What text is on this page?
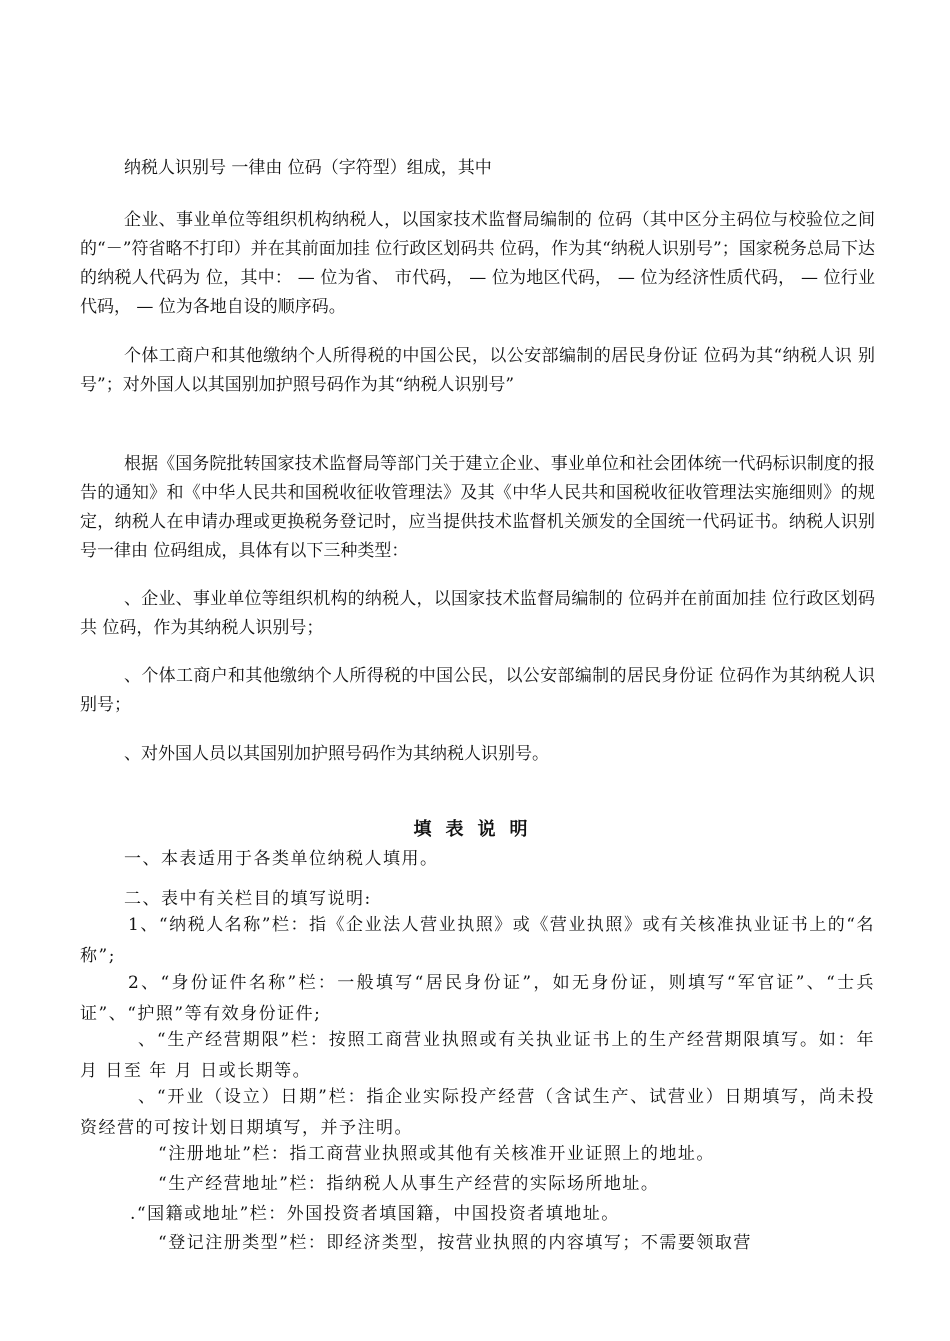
纳税人识别号 一律由 位码（字符型）组成，其中

企业、事业单位等组织机构纳税人，以国家技术监督局编制的 位码（其中区分主码位与校验位之间 的“－”符省略不打印）并在其前面加挂 位行政区划码共 位码，作为其“纳税人识别号”；国家税务总局下达的纳税人代码为 位，其中： — 位为省、 市代码， — 位为地区代码， — 位为经济性质代码， — 位行业代码， — 位为各地自设的顺序码。

个体工商户和其他缴纳个人所得税的中国公民，以公安部编制的居民身份证 位码为其“纳税人识 别号”；对外国人以其国别加护照号码作为其“纳税人识别号”

根据《国务院批转国家技术监督局等部门关于建立企业、事业单位和社会团体统一代码标识制度的报告的通知》和《中华人民共和国税收征收管理法》及其《中华人民共和国税收征收管理法实施细则》的规定，纳税人在申请办理或更换税务登记时，应当提供技术监督机关颁发的全国统一代码证书。纳税人识别号一律由 位码组成，具体有以下三种类型：

、企业、事业单位等组织机构的纳税人，以国家技术监督局编制的 位码并在前面加挂 位行政区划码共 位码，作为其纳税人识别号；

、个体工商户和其他缴纳个人所得税的中国公民，以公安部编制的居民身份证 位码作为其纳税人识别号；

、对外国人员以其国别加护照号码作为其纳税人识别号。

填表说明

一、本表适用于各类单位纳税人填用。

二、表中有关栏目的填写说明:

1、“纳税人名称”栏：指《企业法人营业执照》或《营业执照》或有关核准执业证书上的“名称”;

2、“身份证件名称”栏：一般填写“居民身份证”，如无身份证，则填写“军官证”、“士兵证”、“护照”等有效身份证件;

、“生产经营期限”栏：按照工商营业执照或有关执业证书上的生产经营期限填写。如：年 月 日至 年 月 日或长期等。

、“开业（设立）日期”栏：指企业实际投产经营（含试生产、试营业）日期填写，尚未投资经营的可按计划日期填写，并予注明。

“注册地址”栏：指工商营业执照或其他有关核准开业证照上的地址。

“生产经营地址”栏：指纳税人从事生产经营的实际场所地址。

.“国籍或地址”栏：外国投资者填国籍，中国投资者填地址。

“登记注册类型”栏：即经济类型，按营业执照的内容填写；不需要领取营
